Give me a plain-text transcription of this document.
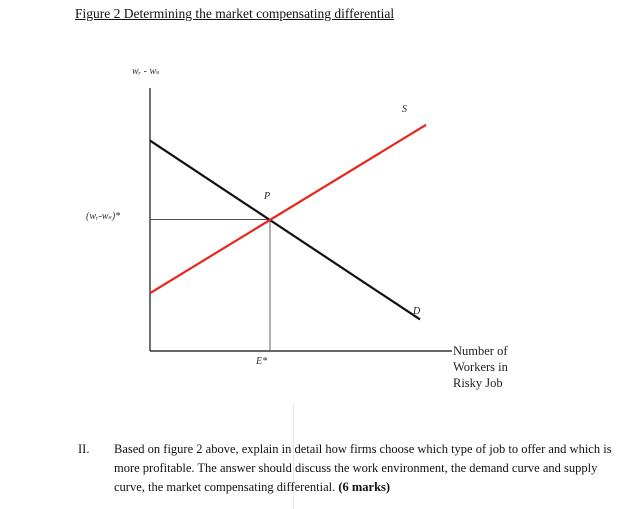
Figure 2 Determining the market compensating differential
wᵣ - wₛ
(wᵣ-wₛ)*
P
S
D
E*
Number of
Workers in
Risky Job
II.	Based on figure 2 above, explain in detail how firms choose which type of job to offer and which is more profitable. The answer should discuss the work environment, the demand curve and supply curve, the market compensating differential. (6 marks)
